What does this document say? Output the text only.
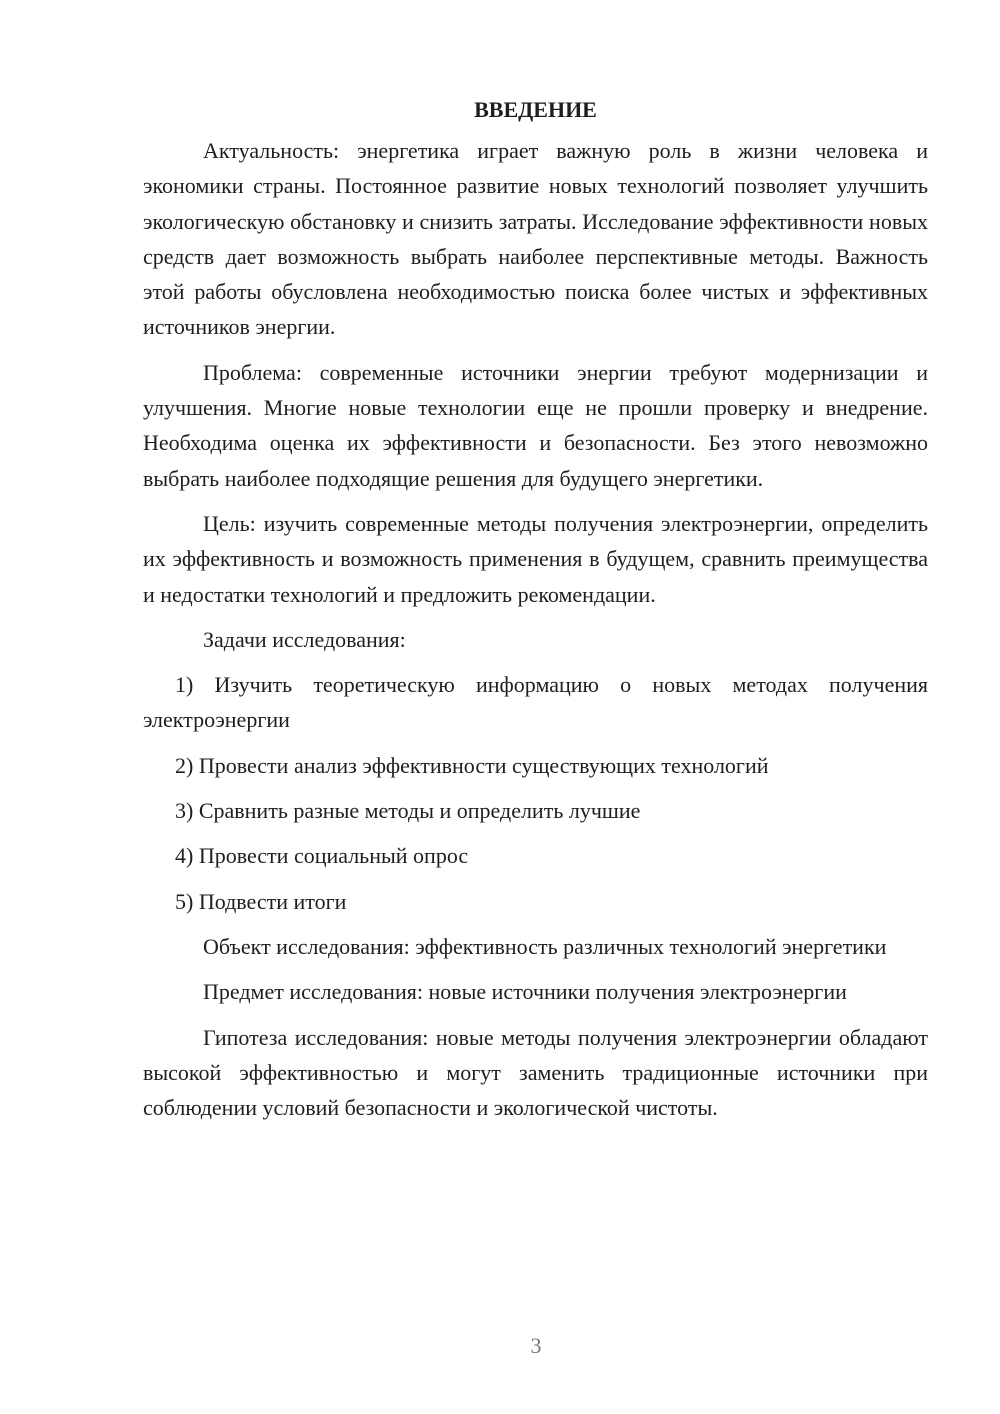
ВВЕДЕНИЕ

Актуальность: энергетика играет важную роль в жизни человека и экономики страны. Постоянное развитие новых технологий позволяет улучшить экологическую обстановку и снизить затраты. Исследование эффективности новых средств дает возможность выбрать наиболее перспективные методы. Важность этой работы обусловлена необходимостью поиска более чистых и эффективных источников энергии.

Проблема: современные источники энергии требуют модернизации и улучшения. Многие новые технологии еще не прошли проверку и внедрение. Необходима оценка их эффективности и безопасности. Без этого невозможно выбрать наиболее подходящие решения для будущего энергетики.

Цель: изучить современные методы получения электроэнергии, определить их эффективность и возможность применения в будущем, сравнить преимущества и недостатки технологий и предложить рекомендации.

Задачи исследования:

1) Изучить теоретическую информацию о новых методах получения электроэнергии

2) Провести анализ эффективности существующих технологий

3) Сравнить разные методы и определить лучшие

4) Провести социальный опрос

5) Подвести итоги

Объект исследования: эффективность различных технологий энергетики

Предмет исследования: новые источники получения электроэнергии

Гипотеза исследования: новые методы получения электроэнергии обладают высокой эффективностью и могут заменить традиционные источники при соблюдении условий безопасности и экологической чистоты.

3
